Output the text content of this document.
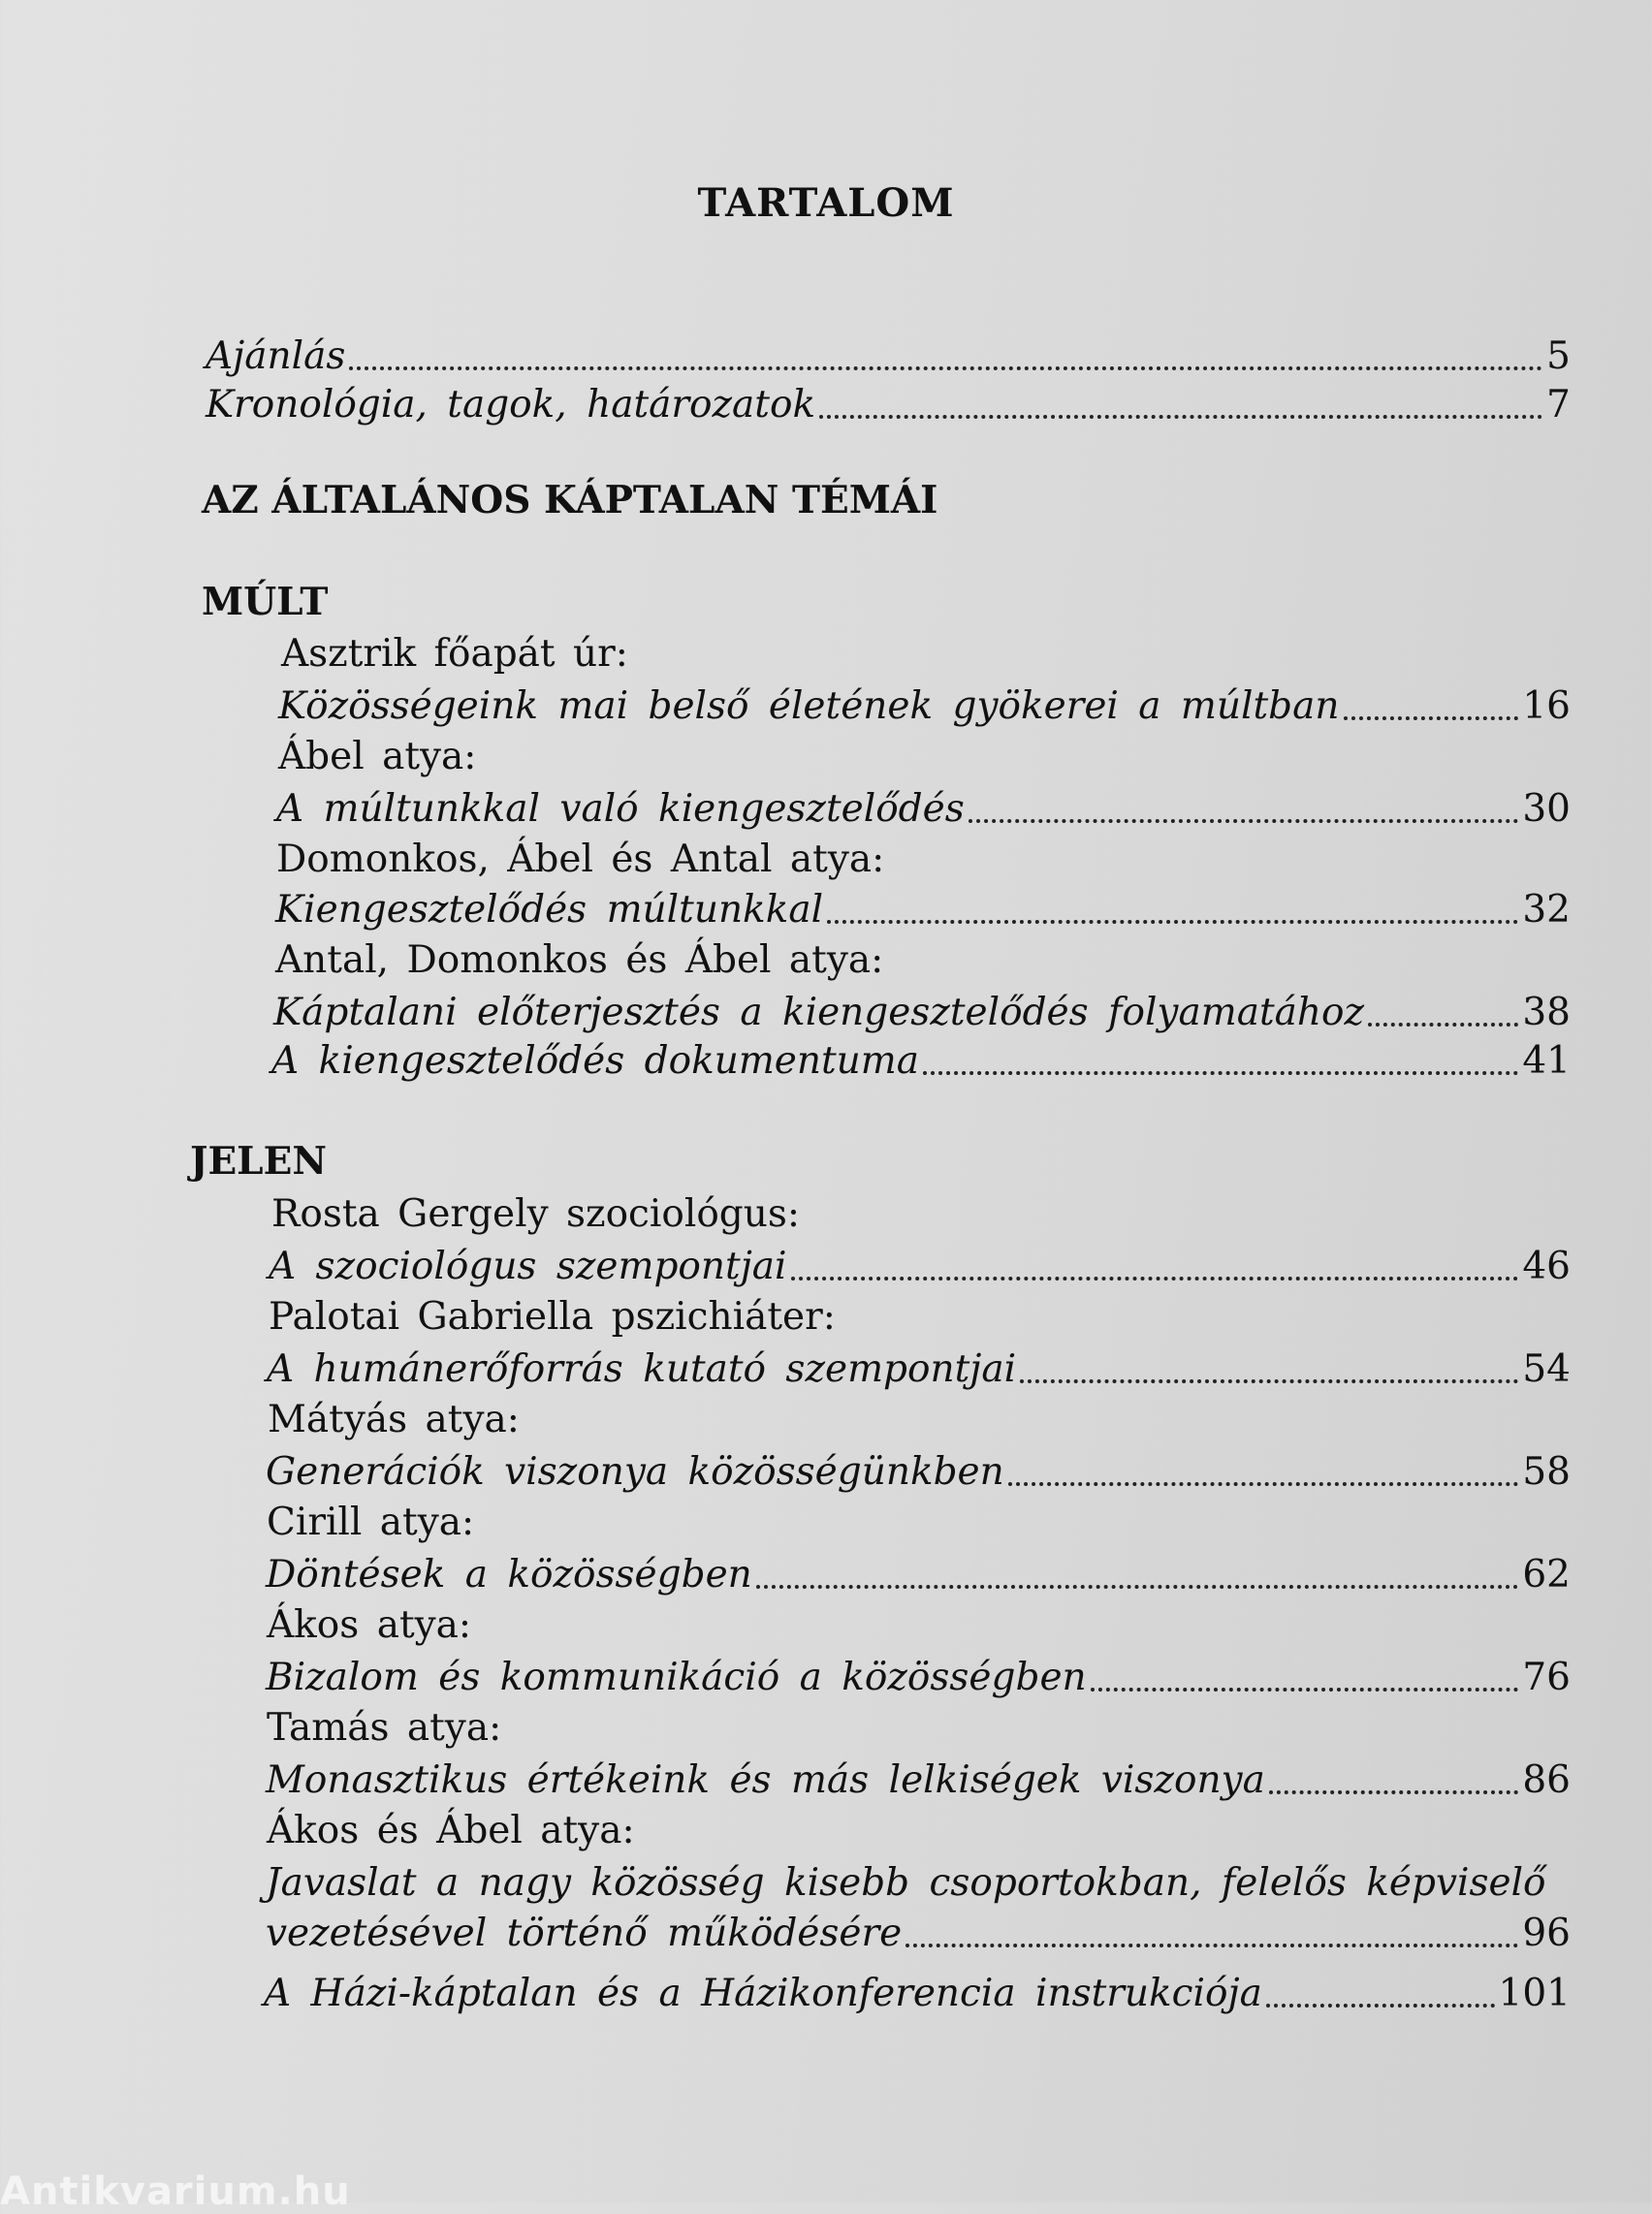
TARTALOM
Ajánlás	5
Kronológia, tagok, határozatok	7
AZ ÁLTALÁNOS KÁPTALAN TÉMÁI
MÚLT
Asztrik főapát úr:
Közösségeink mai belső életének gyökerei a múltban	16
Ábel atya:
A múltunkkal való kiengesztelődés	30
Domonkos, Ábel és Antal atya:
Kiengesztelődés múltunkkal	32
Antal, Domonkos és Ábel atya:
Káptalani előterjesztés a kiengesztelődés folyamatához	38
A kiengesztelődés dokumentuma	41
JELEN
Rosta Gergely szociológus:
A szociológus szempontjai	46
Palotai Gabriella pszichiáter:
A humánerőforrás kutató szempontjai	54
Mátyás atya:
Generációk viszonya közösségünkben	58
Cirill atya:
Döntések a közösségben	62
Ákos atya:
Bizalom és kommunikáció a közösségben	76
Tamás atya:
Monasztikus értékeink és más lelkiségek viszonya	86
Ákos és Ábel atya:
Javaslat a nagy közösség kisebb csoportokban, felelős képviselő
vezetésével történő működésére	96
A Házi-káptalan és a Házikonferencia instrukciója	101
Antikvarium.hu
